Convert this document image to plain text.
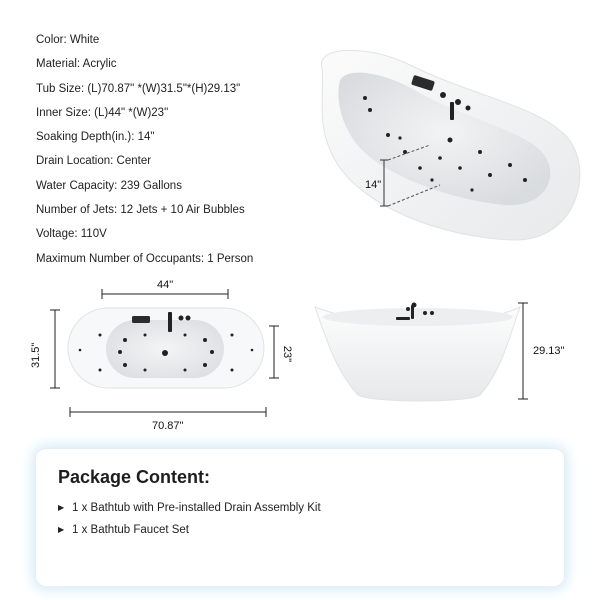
Color: White
Material: Acrylic
Tub Size: (L)70.87" *(W)31.5"*(H)29.13"
Inner Size: (L)44" *(W)23"
Soaking Depth(in.): 14"
Drain Location: Center
Water Capacity: 239 Gallons
Number of Jets: 12 Jets + 10 Air Bubbles
Voltage: 110V
Maximum Number of Occupants: 1 Person
14"
44"
31.5"	23"
70.87"
29.13"
Package Content:
▶ 1 x Bathtub with Pre-installed Drain Assembly Kit
▶ 1 x Bathtub Faucet Set
